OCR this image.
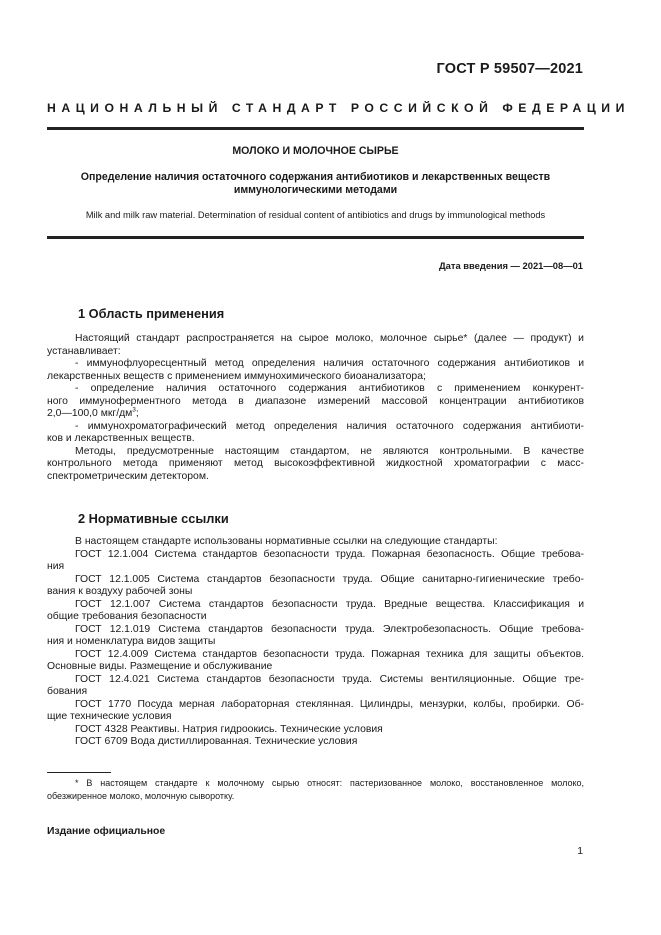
ГОСТ Р 59507—2021
НАЦИОНАЛЬНЫЙ СТАНДАРТ РОССИЙСКОЙ ФЕДЕРАЦИИ
МОЛОКО И МОЛОЧНОЕ СЫРЬЕ
Определение наличия остаточного содержания антибиотиков и лекарственных веществ
иммунологическими методами
Milk and milk raw material. Determination of residual content of antibiotics and drugs by immunological methods
Дата введения — 2021—08—01
1 Область применения
Настоящий стандарт распространяется на сырое молоко, молочное сырье* (далее — продукт) и
устанавливает:
- иммунофлуоресцентный метод определения наличия остаточного содержания антибиотиков и
лекарственных веществ с применением иммунохимического биоанализатора;
- определение наличия остаточного содержания антибиотиков с применением конкурент-
ного иммуноферментного метода в диапазоне измерений массовой концентрации антибиотиков
2,0—100,0 мкг/$дм^3$;
- иммунохроматографический метод определения наличия остаточного содержания антибиоти-
ков и лекарственных веществ.
Методы, предусмотренные настоящим стандартом, не являются контрольными. В качестве
контрольного метода применяют метод высокоэффективной жидкостной хроматографии с масс-
спектрометрическим детектором.
2 Нормативные ссылки
В настоящем стандарте использованы нормативные ссылки на следующие стандарты:
ГОСТ 12.1.004 Система стандартов безопасности труда. Пожарная безопасность. Общие требова-
ния
ГОСТ 12.1.005 Система стандартов безопасности труда. Общие санитарно-гигиенические требо-
вания к воздуху рабочей зоны
ГОСТ 12.1.007 Система стандартов безопасности труда. Вредные вещества. Классификация и
общие требования безопасности
ГОСТ 12.1.019 Система стандартов безопасности труда. Электробезопасность. Общие требова-
ния и номенклатура видов защиты
ГОСТ 12.4.009 Система стандартов безопасности труда. Пожарная техника для защиты объектов.
Основные виды. Размещение и обслуживание
ГОСТ 12.4.021 Система стандартов безопасности труда. Системы вентиляционные. Общие тре-
бования
ГОСТ 1770 Посуда мерная лабораторная стеклянная. Цилиндры, мензурки, колбы, пробирки. Об-
щие технические условия
ГОСТ 4328 Реактивы. Натрия гидроокись. Технические условия
ГОСТ 6709 Вода дистиллированная. Технические условия
* В настоящем стандарте к молочному сырью относят: пастеризованное молоко, восстановленное молоко,
обезжиренное молоко, молочную сыворотку.
Издание официальное
1
